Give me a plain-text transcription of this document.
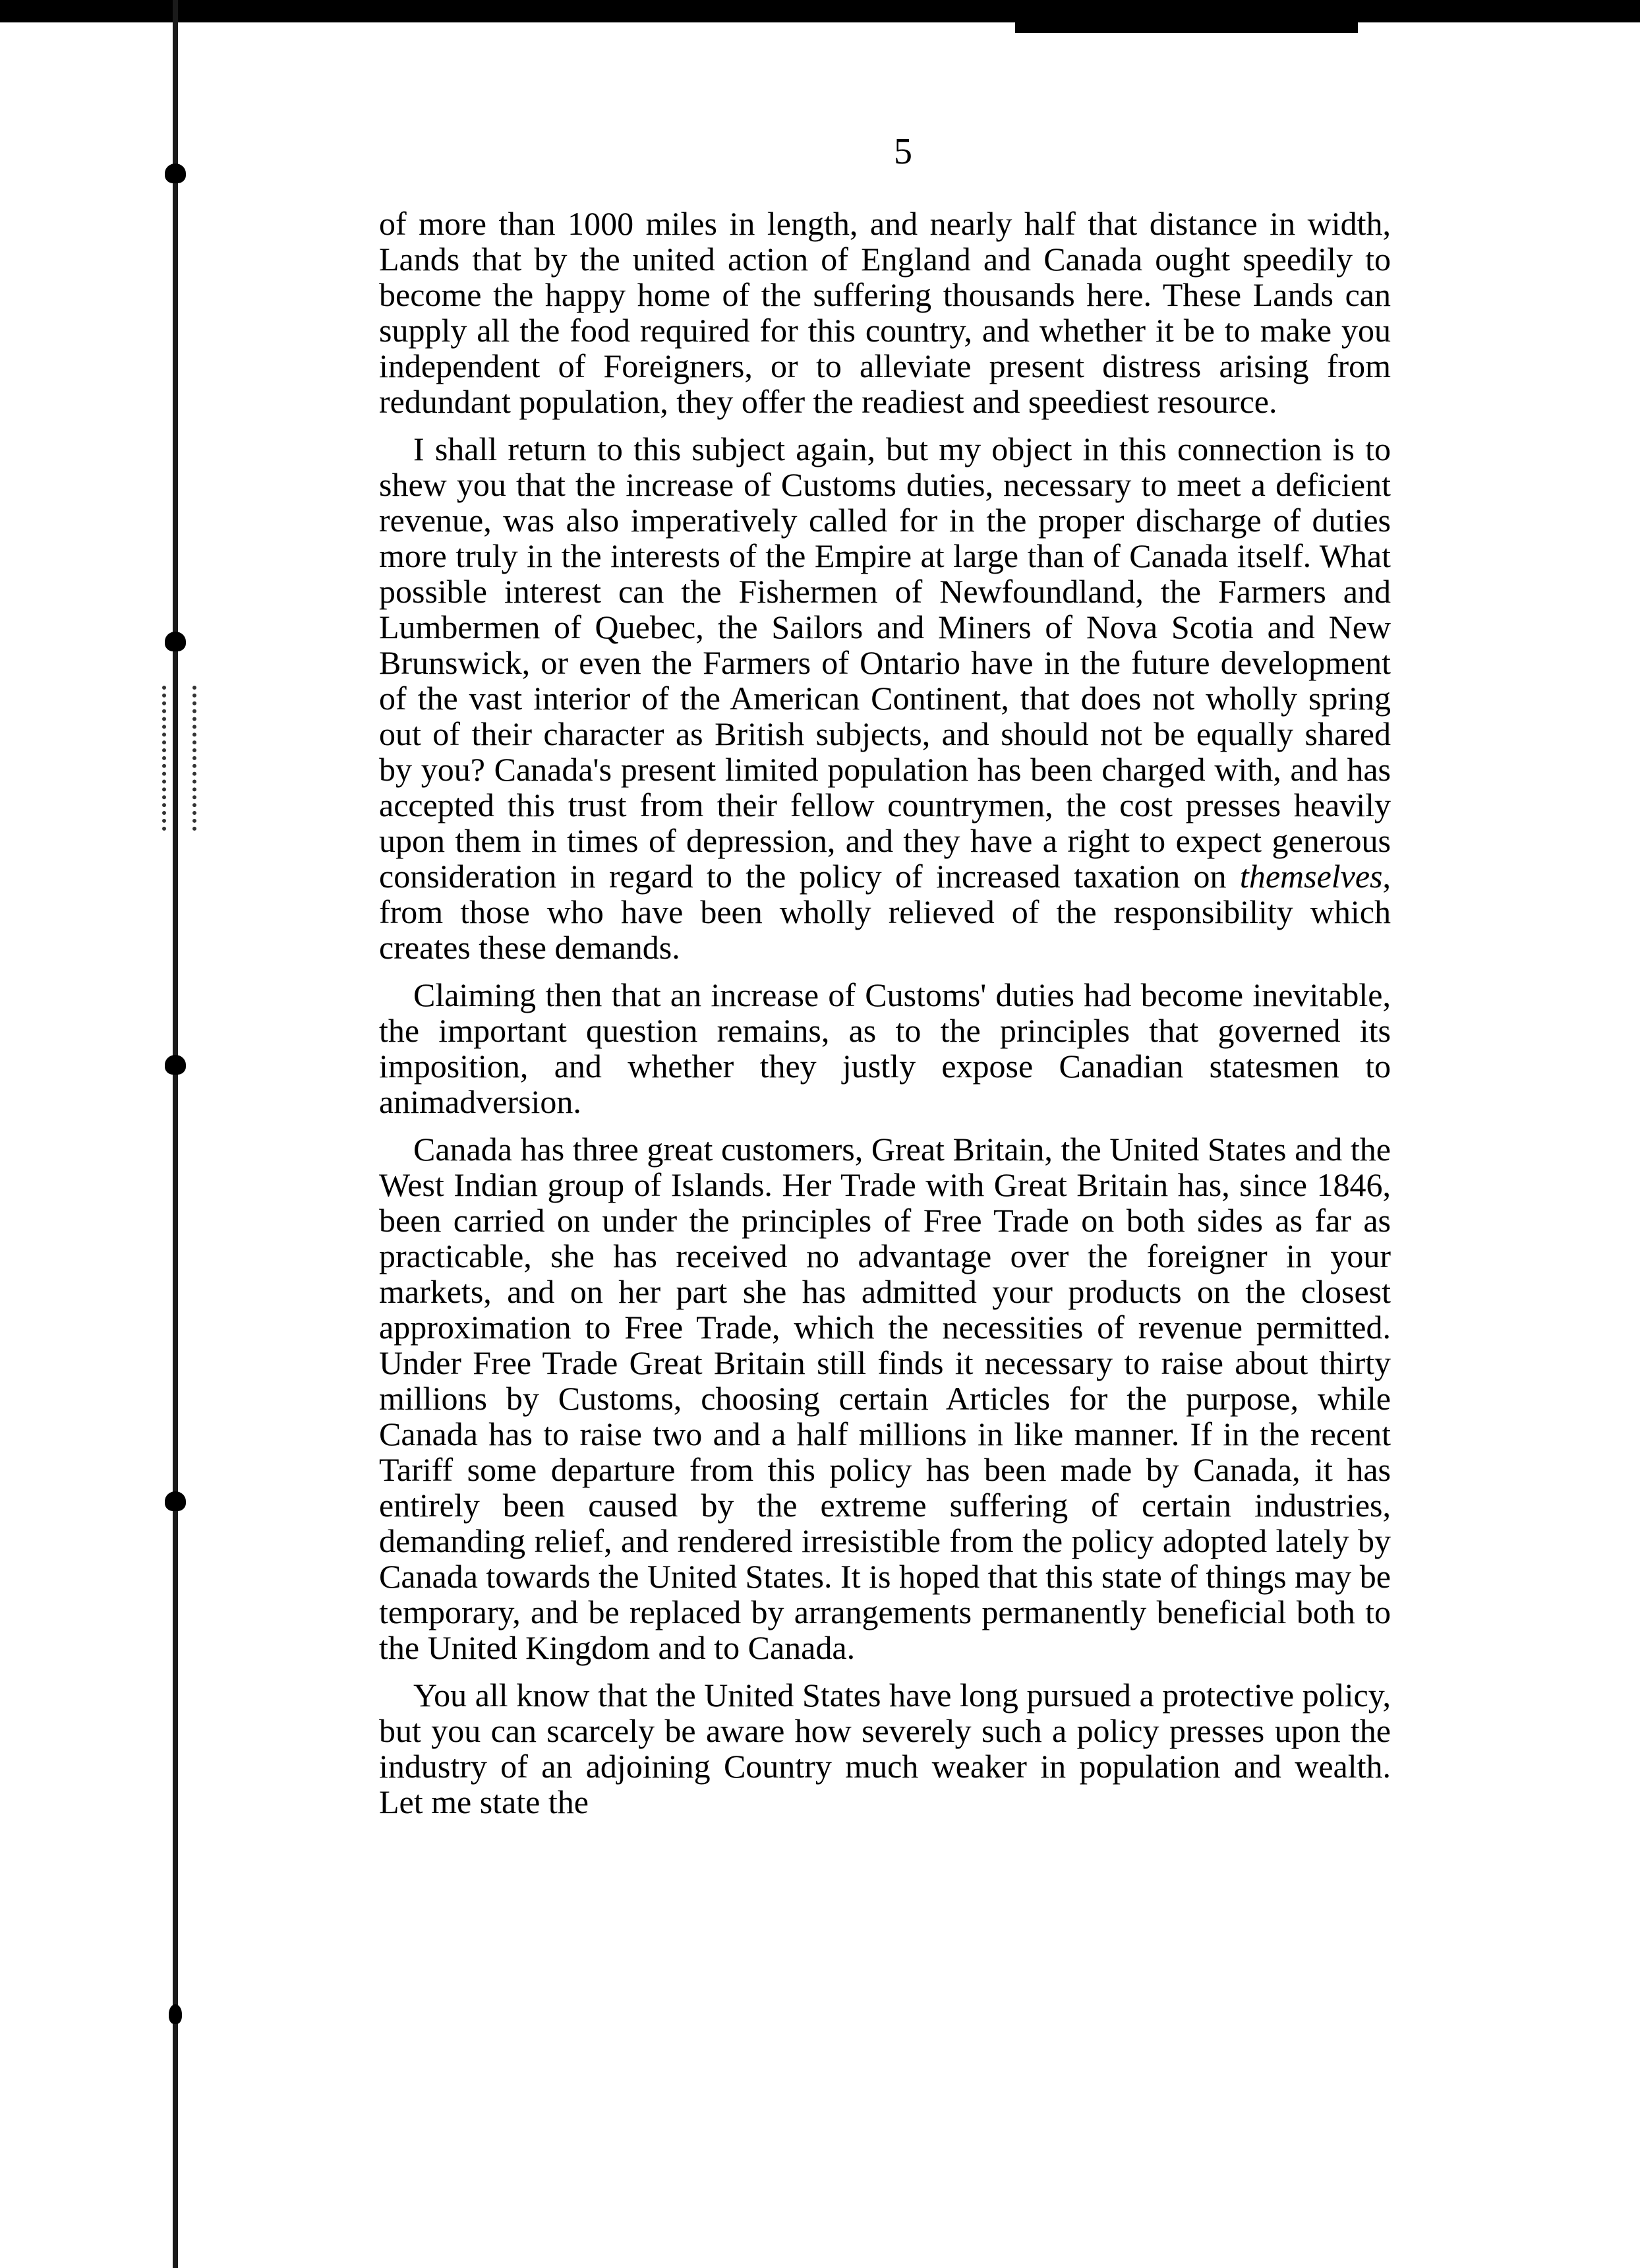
5

of more than 1000 miles in length, and nearly half that distance in width, Lands that by the united action of England and Canada ought speedily to become the happy home of the suffering thousands here. These Lands can supply all the food required for this country, and whether it be to make you independent of Foreigners, or to alleviate present distress arising from redundant population, they offer the readiest and speediest resource.

I shall return to this subject again, but my object in this connection is to shew you that the increase of Customs duties, necessary to meet a deficient revenue, was also imperatively called for in the proper discharge of duties more truly in the interests of the Empire at large than of Canada itself. What possible interest can the Fishermen of Newfoundland, the Farmers and Lumbermen of Quebec, the Sailors and Miners of Nova Scotia and New Brunswick, or even the Farmers of Ontario have in the future development of the vast interior of the American Continent, that does not wholly spring out of their character as British subjects, and should not be equally shared by you? Canada's present limited population has been charged with, and has accepted this trust from their fellow countrymen, the cost presses heavily upon them in times of depression, and they have a right to expect generous consideration in regard to the policy of increased taxation on themselves, from those who have been wholly relieved of the responsibility which creates these demands.

Claiming then that an increase of Customs' duties had become inevitable, the important question remains, as to the principles that governed its imposition, and whether they justly expose Canadian statesmen to animadversion.

Canada has three great customers, Great Britain, the United States and the West Indian group of Islands. Her Trade with Great Britain has, since 1846, been carried on under the principles of Free Trade on both sides as far as practicable, she has received no advantage over the foreigner in your markets, and on her part she has admitted your products on the closest approximation to Free Trade, which the necessities of revenue permitted. Under Free Trade Great Britain still finds it necessary to raise about thirty millions by Customs, choosing certain Articles for the purpose, while Canada has to raise two and a half millions in like manner. If in the recent Tariff some departure from this policy has been made by Canada, it has entirely been caused by the extreme suffering of certain industries, demanding relief, and rendered irresistible from the policy adopted lately by Canada towards the United States. It is hoped that this state of things may be temporary, and be replaced by arrangements permanently beneficial both to the United Kingdom and to Canada.

You all know that the United States have long pursued a protective policy, but you can scarcely be aware how severely such a policy presses upon the industry of an adjoining Country much weaker in population and wealth. Let me state the
